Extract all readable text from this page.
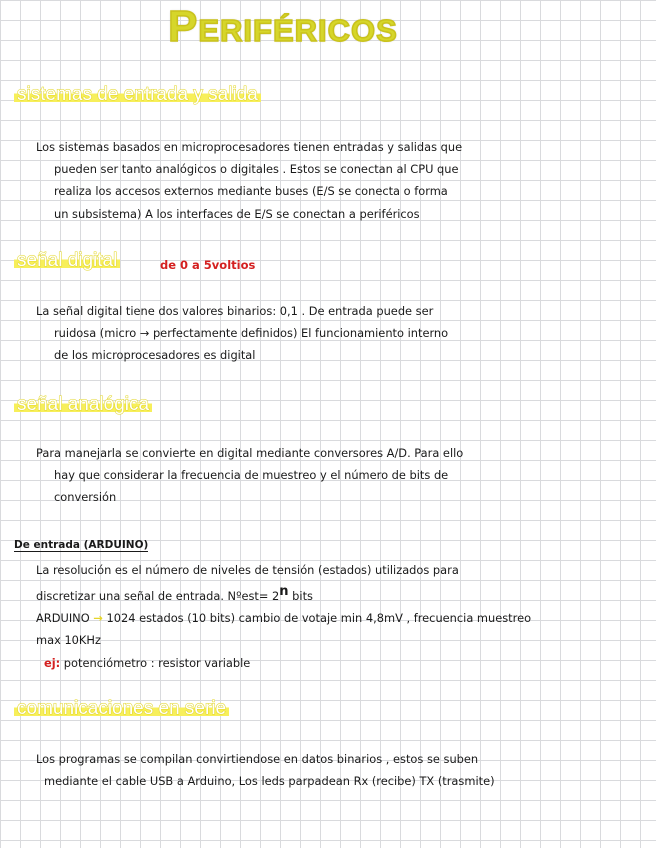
Periféricos
sistemas de entrada y salida
Los sistemas basados en microprocesadores tienen entradas y salidas que
pueden ser tanto analógicos o digitales . Estos se conectan al CPU que
realiza los accesos externos mediante buses (E/S se conecta o forma
un subsistema) A los interfaces de E/S se conectan a periféricos
señal digital	de 0 a 5voltios
La señal digital tiene dos valores binarios: 0,1 . De entrada puede ser
ruidosa (micro → perfectamente definidos) El funcionamiento interno
de los microprocesadores es digital
señal analógica
Para manejarla se convierte en digital mediante conversores A/D. Para ello
hay que considerar la frecuencia de muestreo y el número de bits de
conversión
De entrada (ARDUINO)
La resolución es el número de niveles de tensión (estados) utilizados para
discretizar una señal de entrada. Nºest= $2^n$ bits
ARDUINO → 1024 estados (10 bits) cambio de votaje min 4,8mV , frecuencia muestreo
max 10KHz
ej: potenciómetro : resistor variable
comunicaciones en serie
Los programas se compilan convirtiendose en datos binarios , estos se suben
mediante el cable USB a Arduino, Los leds parpadean Rx (recibe) TX (trasmite)
